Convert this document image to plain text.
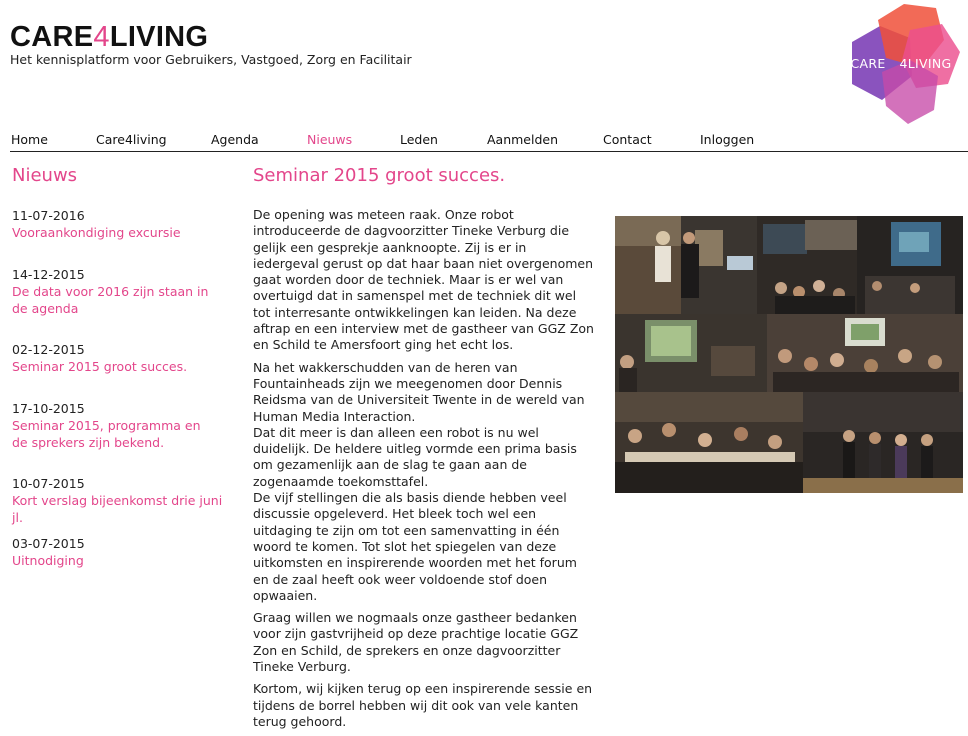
CARE4LIVING
Het kennisplatform voor Gebruikers, Vastgoed, Zorg en Facilitair	CARE 4LIVING
Home	Care4living	Agenda	Nieuws	Leden	Aanmelden	Contact	Inloggen
Nieuws
11-07-2016
Vooraankondiging excursie
14-12-2015
De data voor 2016 zijn staan in de agenda
02-12-2015
Seminar 2015 groot succes.
17-10-2015
Seminar 2015, programma en de sprekers zijn bekend.
10-07-2015
Kort verslag bijeenkomst drie juni jl.
03-07-2015
Uitnodiging
Seminar 2015 groot succes.

De opening was meteen raak. Onze robot introduceerde de dagvoorzitter Tineke Verburg die gelijk een gesprekje aanknoopte. Zij is er in iedergeval gerust op dat haar baan niet overgenomen gaat worden door de techniek. Maar is er wel van overtuigd dat in samenspel met de techniek dit wel tot interresante ontwikkelingen kan leiden. Na deze aftrap en een interview met de gastheer van GGZ Zon en Schild te Amersfoort ging het echt los.

Na het wakkerschudden van de heren van Fountainheads zijn we meegenomen door Dennis Reidsma van de Universiteit Twente in de wereld van Human Media Interaction.

Dat dit meer is dan alleen een robot is nu wel duidelijk. De heldere uitleg vormde een prima basis om gezamenlijk aan de slag te gaan aan de zogenaamde toekomsttafel.

De vijf stellingen die als basis diende hebben veel discussie opgeleverd. Het bleek toch wel een uitdaging te zijn om tot een samenvatting in één woord te komen. Tot slot het spiegelen van deze uitkomsten en inspirerende woorden met het forum en de zaal heeft ook weer voldoende stof doen opwaaien.

Graag willen we nogmaals onze gastheer bedanken voor zijn gastvrijheid op deze prachtige locatie GGZ Zon en Schild, de sprekers en onze dagvoorzitter Tineke Verburg.

Kortom, wij kijken terug op een inspirerende sessie en tijdens de borrel hebben wij dit ook van vele kanten terug gehoord.
